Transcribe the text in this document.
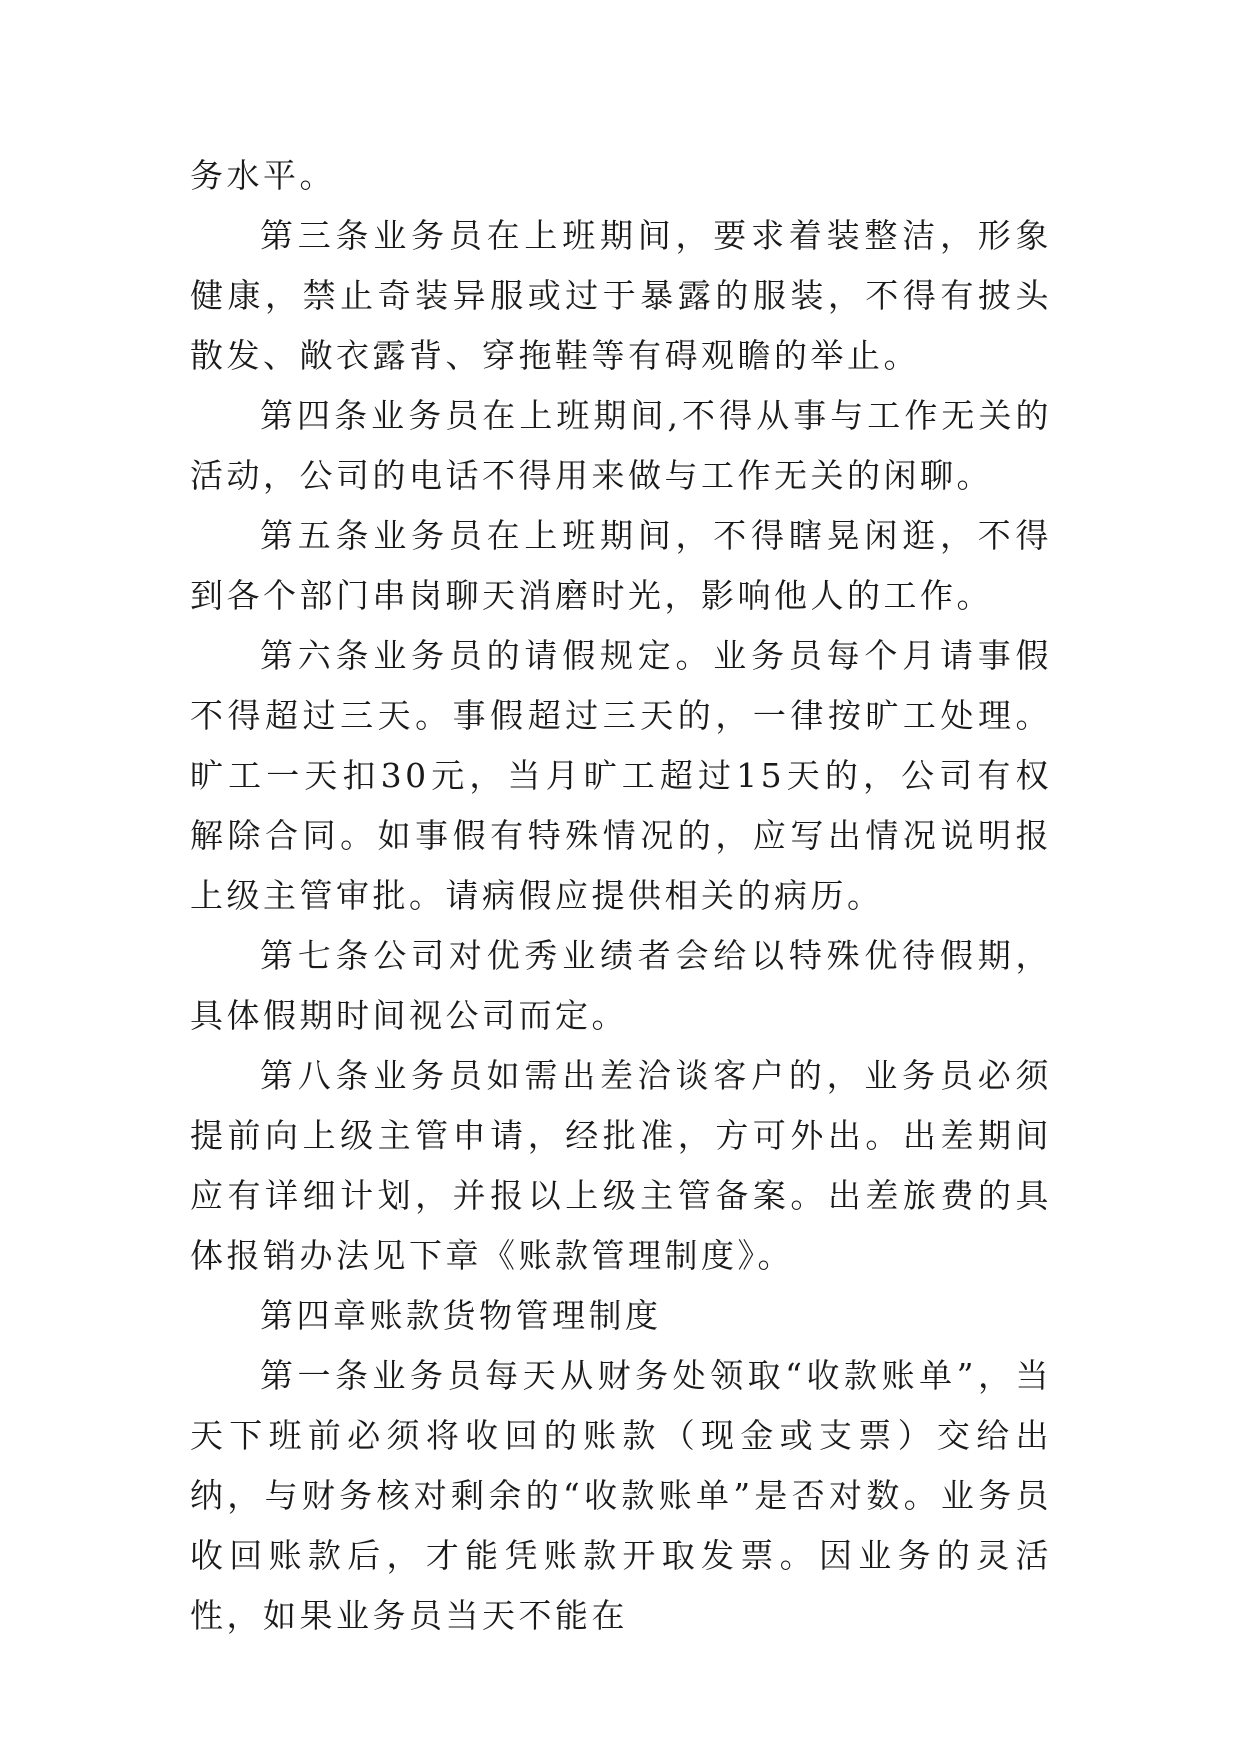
务水平。

第三条业务员在上班期间，要求着装整洁，形象健康，禁止奇装异服或过于暴露的服装，不得有披头散发、敞衣露背、穿拖鞋等有碍观瞻的举止。

第四条业务员在上班期间,不得从事与工作无关的活动，公司的电话不得用来做与工作无关的闲聊。

第五条业务员在上班期间，不得瞎晃闲逛，不得到各个部门串岗聊天消磨时光，影响他人的工作。

第六条业务员的请假规定。业务员每个月请事假不得超过三天。事假超过三天的，一律按旷工处理。旷工一天扣30元，当月旷工超过15天的，公司有权解除合同。如事假有特殊情况的，应写出情况说明报上级主管审批。请病假应提供相关的病历。

第七条公司对优秀业绩者会给以特殊优待假期，具体假期时间视公司而定。

第八条业务员如需出差洽谈客户的，业务员必须提前向上级主管申请，经批准，方可外出。出差期间应有详细计划，并报以上级主管备案。出差旅费的具体报销办法见下章《账款管理制度》。

第四章账款货物管理制度

第一条业务员每天从财务处领取“收款账单”，当天下班前必须将收回的账款（现金或支票）交给出纳，与财务核对剩余的“收款账单”是否对数。业务员收回账款后，才能凭账款开取发票。因业务的灵活性，如果业务员当天不能在
